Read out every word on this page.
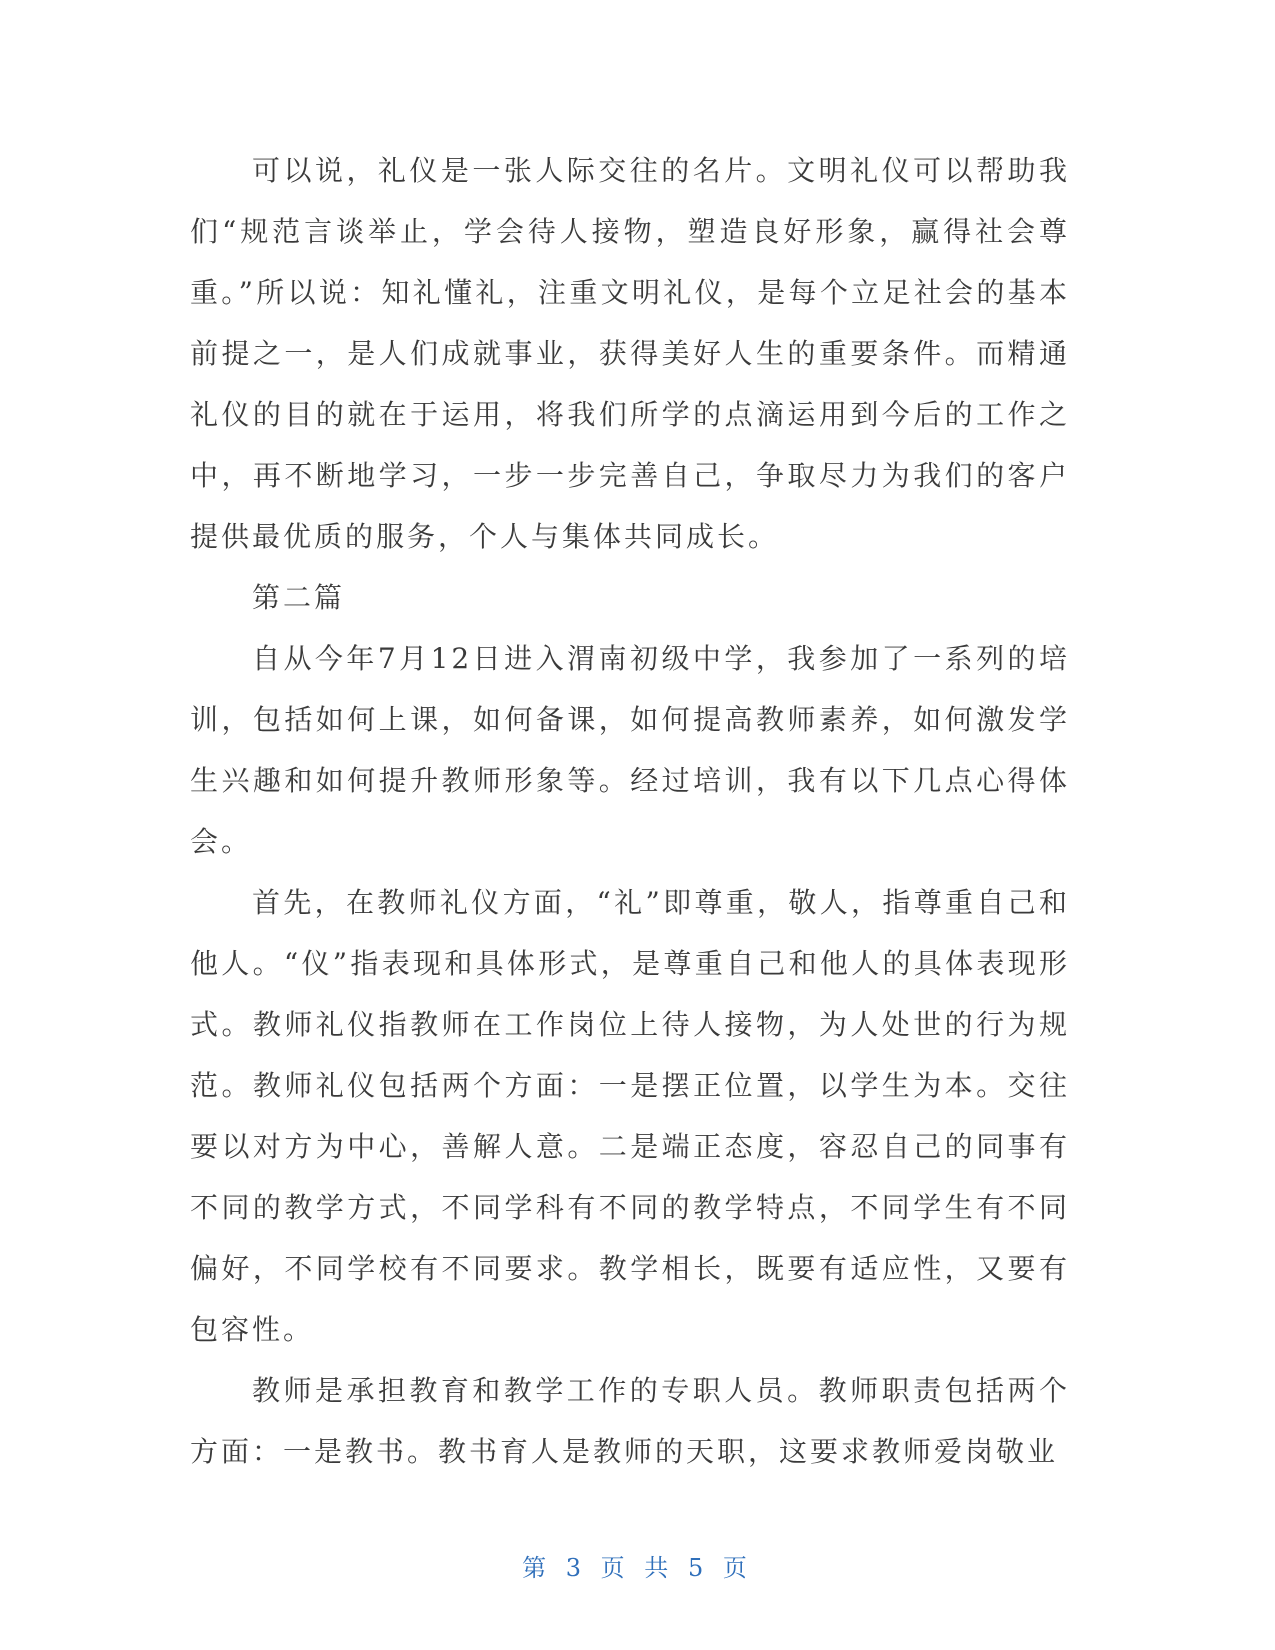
可以说，礼仪是一张人际交往的名片。文明礼仪可以帮助我们“规范言谈举止，学会待人接物，塑造良好形象，赢得社会尊重。”所以说：知礼懂礼，注重文明礼仪，是每个立足社会的基本前提之一，是人们成就事业，获得美好人生的重要条件。而精通礼仪的目的就在于运用，将我们所学的点滴运用到今后的工作之中，再不断地学习，一步一步完善自己，争取尽力为我们的客户提供最优质的服务，个人与集体共同成长。

第二篇

自从今年7月12日进入渭南初级中学，我参加了一系列的培训，包括如何上课，如何备课，如何提高教师素养，如何激发学生兴趣和如何提升教师形象等。经过培训，我有以下几点心得体会。

首先，在教师礼仪方面，“礼”即尊重，敬人，指尊重自己和他人。“仪”指表现和具体形式，是尊重自己和他人的具体表现形式。教师礼仪指教师在工作岗位上待人接物，为人处世的行为规范。教师礼仪包括两个方面：一是摆正位置，以学生为本。交往要以对方为中心，善解人意。二是端正态度，容忍自己的同事有不同的教学方式，不同学科有不同的教学特点，不同学生有不同偏好，不同学校有不同要求。教学相长，既要有适应性，又要有包容性。

教师是承担教育和教学工作的专职人员。教师职责包括两个方面：一是教书。教书育人是教师的天职，这要求教师爱岗敬业

第 3 页 共 5 页
